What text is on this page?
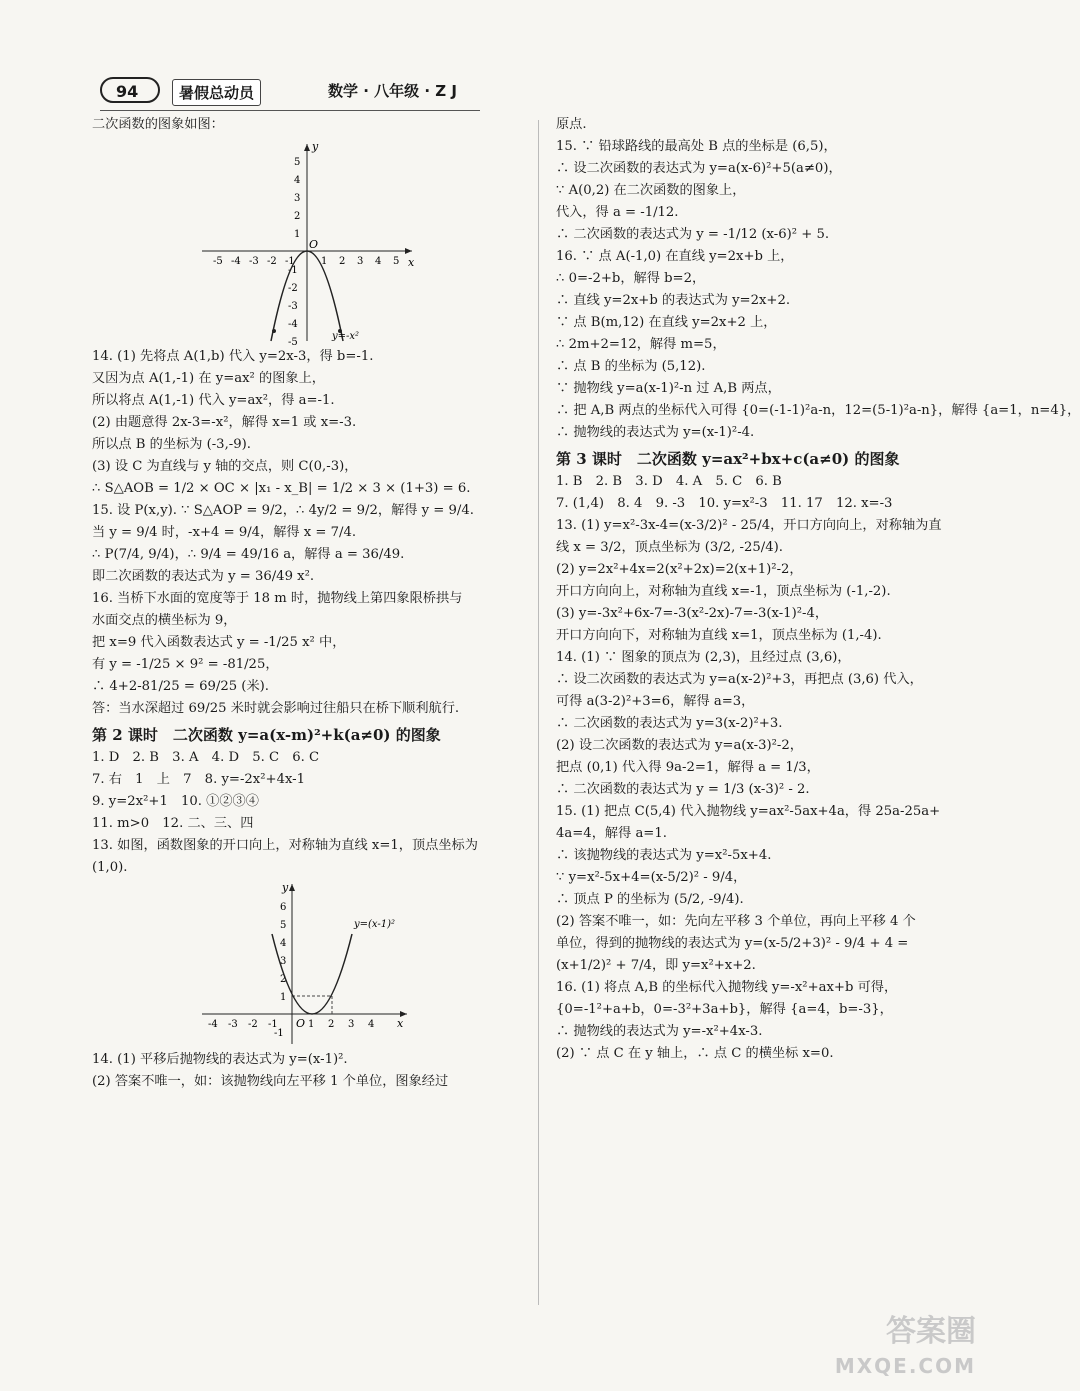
94	暑假总动员	数学 · 八年级 · Z J
二次函数的图象如图：
x
y
O
5
4
3
2
1
-1
-2
-3
-4
-5
-5 -4 -3 -2 -1	1 2 3 4 5
y=-x²
14. (1) 先将点 A(1,b) 代入 y=2x-3，得 b=-1.
又因为点 A(1,-1) 在 y=ax² 的图象上，
所以将点 A(1,-1) 代入 y=ax²，得 a=-1.
(2) 由题意得 2x-3=-x²，解得 x=1 或 x=-3.
所以点 B 的坐标为 (-3,-9).
(3) 设 C 为直线与 y 轴的交点，则 C(0,-3)，
∴ S△AOB = 1/2 × OC × |x₁ - x_B| = 1/2 × 3 × (1+3) = 6.
15. 设 P(x,y). ∵ S△AOP = 9/2，∴ 4y/2 = 9/2，解得 y = 9/4.
当 y = 9/4 时，-x+4 = 9/4，解得 x = 7/4.
∴ P(7/4, 9/4)，∴ 9/4 = 49/16 a，解得 a = 36/49.
即二次函数的表达式为 y = 36/49 x².
16. 当桥下水面的宽度等于 18 m 时，抛物线上第四象限桥拱与
水面交点的横坐标为 9，
把 x=9 代入函数表达式 y = -1/25 x² 中，
有 y = -1/25 × 9² = -81/25，
∴ 4+2-81/25 = 69/25 (米).
答：当水深超过 69/25 米时就会影响过往船只在桥下顺利航行.
第 2 课时　二次函数 y=a(x-m)²+k(a≠0) 的图象
1. D　2. B　3. A　4. D　5. C　6. C
7. 右　1　上　7　8. y=-2x²+4x-1
9. y=2x²+1　10. ①②③④
11. m>0　12. 二、三、四
13. 如图，函数图象的开口向上，对称轴为直线 x=1，顶点坐标为
(1,0).
x
y
O
6
5
4
3
2
1
-1
-4 -3 -2 -1	1 2 3 4
y=(x-1)²
14. (1) 平移后抛物线的表达式为 y=(x-1)².
(2) 答案不唯一，如：该抛物线向左平移 1 个单位，图象经过
原点.
15. ∵ 铅球路线的最高处 B 点的坐标是 (6,5)，
∴ 设二次函数的表达式为 y=a(x-6)²+5(a≠0)，
∵ A(0,2) 在二次函数的图象上，
代入，得 a = -1/12.
∴ 二次函数的表达式为 y = -1/12 (x-6)² + 5.
16. ∵ 点 A(-1,0) 在直线 y=2x+b 上，
∴ 0=-2+b，解得 b=2，
∴ 直线 y=2x+b 的表达式为 y=2x+2.
∵ 点 B(m,12) 在直线 y=2x+2 上，
∴ 2m+2=12，解得 m=5，
∴ 点 B 的坐标为 (5,12).
∵ 抛物线 y=a(x-1)²-n 过 A,B 两点，
∴ 把 A,B 两点的坐标代入可得 {0=(-1-1)²a-n，12=(5-1)²a-n}，解得 {a=1，n=4}，
∴ 抛物线的表达式为 y=(x-1)²-4.
第 3 课时　二次函数 y=ax²+bx+c(a≠0) 的图象
1. B　2. B　3. D　4. A　5. C　6. B
7. (1,4)　8. 4　9. -3　10. y=x²-3　11. 17　12. x=-3
13. (1) y=x²-3x-4=(x-3/2)² - 25/4，开口方向向上，对称轴为直
线 x = 3/2，顶点坐标为 (3/2, -25/4).
(2) y=2x²+4x=2(x²+2x)=2(x+1)²-2，
开口方向向上，对称轴为直线 x=-1，顶点坐标为 (-1,-2).
(3) y=-3x²+6x-7=-3(x²-2x)-7=-3(x-1)²-4，
开口方向向下，对称轴为直线 x=1，顶点坐标为 (1,-4).
14. (1) ∵ 图象的顶点为 (2,3)，且经过点 (3,6)，
∴ 设二次函数的表达式为 y=a(x-2)²+3，再把点 (3,6) 代入，
可得 a(3-2)²+3=6，解得 a=3，
∴ 二次函数的表达式为 y=3(x-2)²+3.
(2) 设二次函数的表达式为 y=a(x-3)²-2，
把点 (0,1) 代入得 9a-2=1，解得 a = 1/3，
∴ 二次函数的表达式为 y = 1/3 (x-3)² - 2.
15. (1) 把点 C(5,4) 代入抛物线 y=ax²-5ax+4a，得 25a-25a+
4a=4，解得 a=1.
∴ 该抛物线的表达式为 y=x²-5x+4.
∵ y=x²-5x+4=(x-5/2)² - 9/4，
∴ 顶点 P 的坐标为 (5/2, -9/4).
(2) 答案不唯一，如：先向左平移 3 个单位，再向上平移 4 个
单位，得到的抛物线的表达式为 y=(x-5/2+3)² - 9/4 + 4 =
(x+1/2)² + 7/4，即 y=x²+x+2.
16. (1) 将点 A,B 的坐标代入抛物线 y=-x²+ax+b 可得，
{0=-1²+a+b，0=-3²+3a+b}，解得 {a=4，b=-3}，
∴ 抛物线的表达式为 y=-x²+4x-3.
(2) ∵ 点 C 在 y 轴上，∴ 点 C 的横坐标 x=0.
答案圈
MXQE.COM
